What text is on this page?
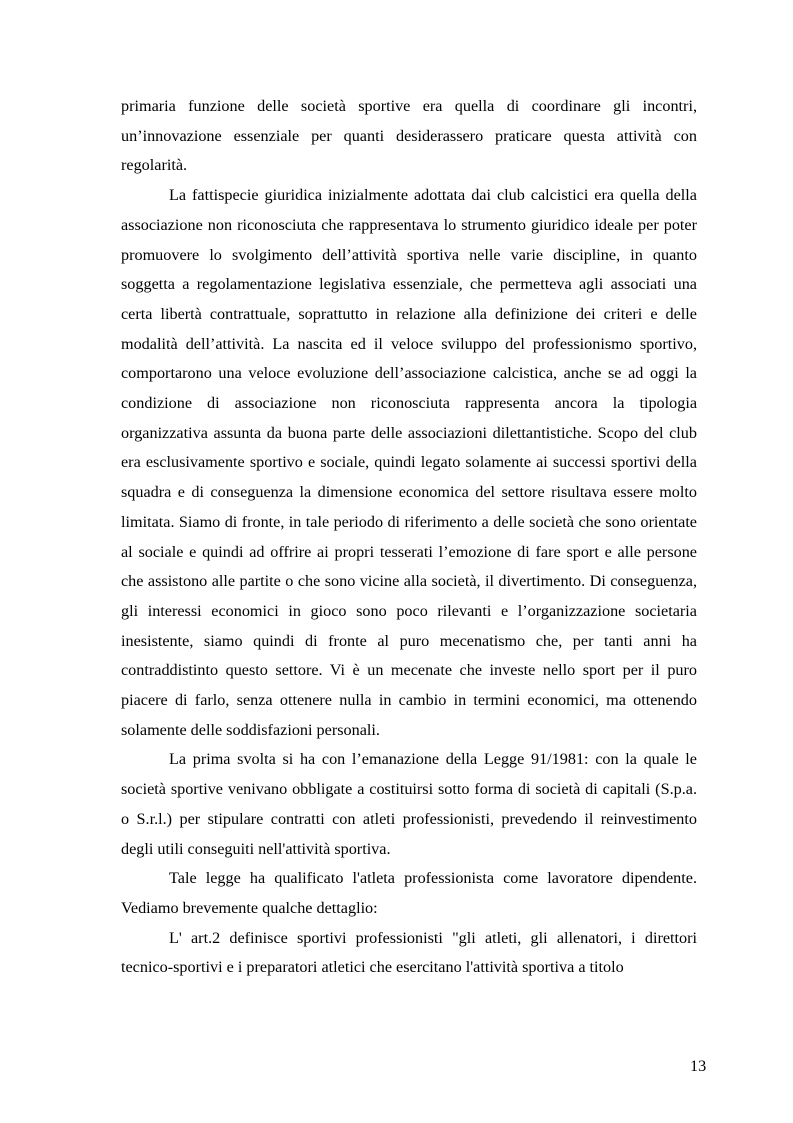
primaria funzione delle società sportive era quella di coordinare gli incontri, un’innovazione essenziale per quanti desiderassero praticare questa attività con regolarità.

La fattispecie giuridica inizialmente adottata dai club calcistici era quella della associazione non riconosciuta che rappresentava lo strumento giuridico ideale per poter promuovere lo svolgimento dell’attività sportiva nelle varie discipline, in quanto soggetta a regolamentazione legislativa essenziale, che permetteva agli associati una certa libertà contrattuale, soprattutto in relazione alla definizione dei criteri e delle modalità dell’attività. La nascita ed il veloce sviluppo del professionismo sportivo, comportarono una veloce evoluzione dell’associazione calcistica, anche se ad oggi la condizione di associazione non riconosciuta rappresenta ancora la tipologia organizzativa assunta da buona parte delle associazioni dilettantistiche. Scopo del club era esclusivamente sportivo e sociale, quindi legato solamente ai successi sportivi della squadra e di conseguenza la dimensione economica del settore risultava essere molto limitata. Siamo di fronte, in tale periodo di riferimento a delle società che sono orientate al sociale e quindi ad offrire ai propri tesserati l’emozione di fare sport e alle persone che assistono alle partite o che sono vicine alla società, il divertimento. Di conseguenza, gli interessi economici in gioco sono poco rilevanti e l’organizzazione societaria inesistente, siamo quindi di fronte al puro mecenatismo che, per tanti anni ha contraddistinto questo settore. Vi è un mecenate che investe nello sport per il puro piacere di farlo, senza ottenere nulla in cambio in termini economici, ma ottenendo solamente delle soddisfazioni personali.

La prima svolta si ha con l’emanazione della Legge 91/1981: con la quale le società sportive venivano obbligate a costituirsi sotto forma di società di capitali (S.p.a. o S.r.l.) per stipulare contratti con atleti professionisti, prevedendo il reinvestimento degli utili conseguiti nell'attività sportiva.

Tale legge ha qualificato l'atleta professionista come lavoratore dipendente. Vediamo brevemente qualche dettaglio:

L' art.2 definisce sportivi professionisti "gli atleti, gli allenatori, i direttori tecnico-sportivi e i preparatori atletici che esercitano l'attività sportiva a titolo

13
